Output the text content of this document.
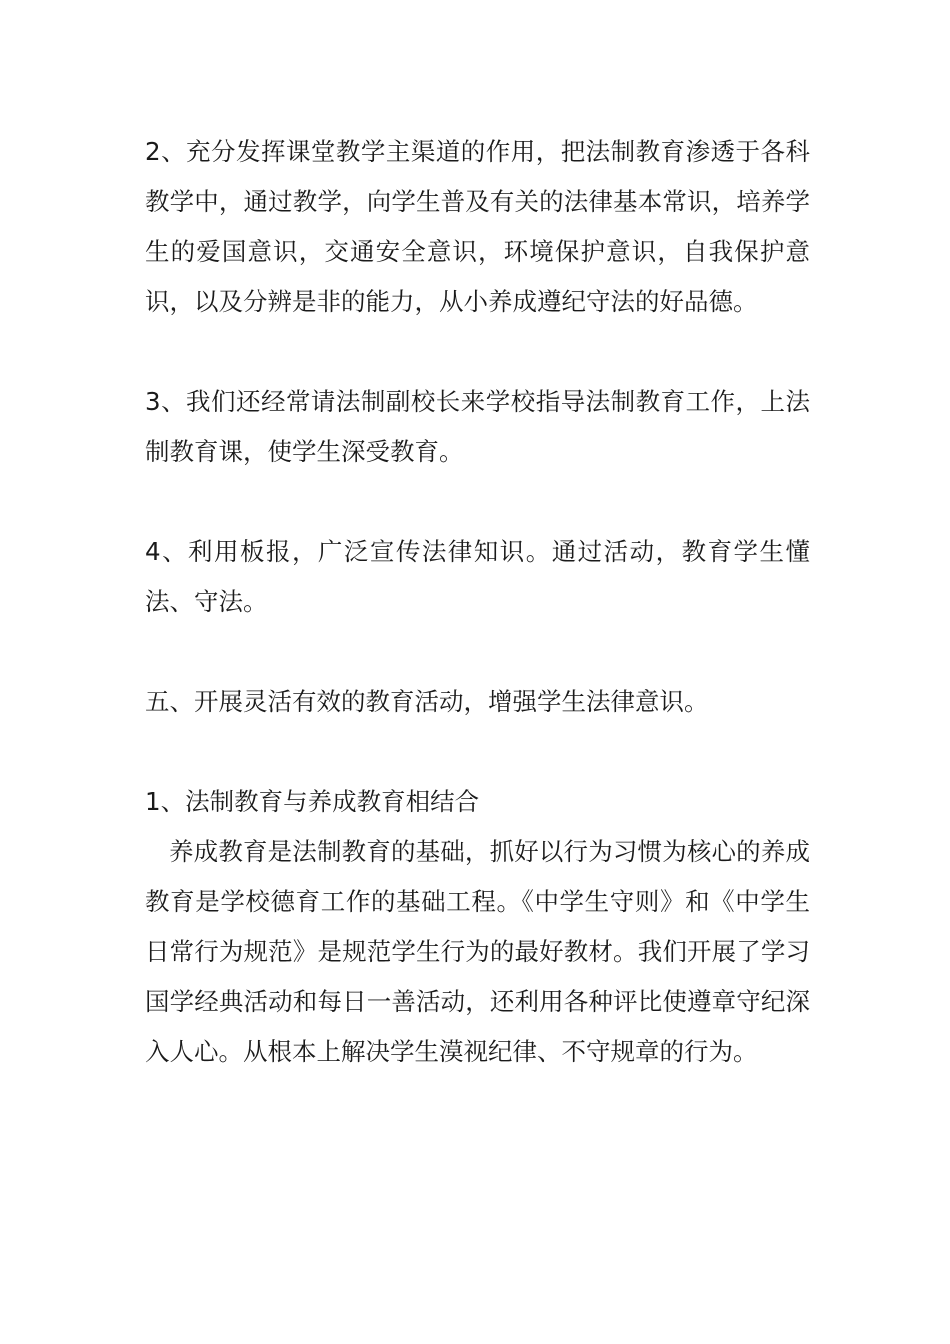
2、充分发挥课堂教学主渠道的作用，把法制教育渗透于各科教学中，通过教学，向学生普及有关的法律基本常识，培养学生的爱国意识，交通安全意识，环境保护意识，自我保护意识，以及分辨是非的能力，从小养成遵纪守法的好品德。

3、我们还经常请法制副校长来学校指导法制教育工作，上法制教育课，使学生深受教育。

4、利用板报，广泛宣传法律知识。通过活动，教育学生懂法、守法。

五、开展灵活有效的教育活动，增强学生法律意识。

1、法制教育与养成教育相结合

养成教育是法制教育的基础，抓好以行为习惯为核心的养成教育是学校德育工作的基础工程。《中学生守则》和《中学生日常行为规范》是规范学生行为的最好教材。我们开展了学习国学经典活动和每日一善活动，还利用各种评比使遵章守纪深入人心。从根本上解决学生漠视纪律、不守规章的行为。
